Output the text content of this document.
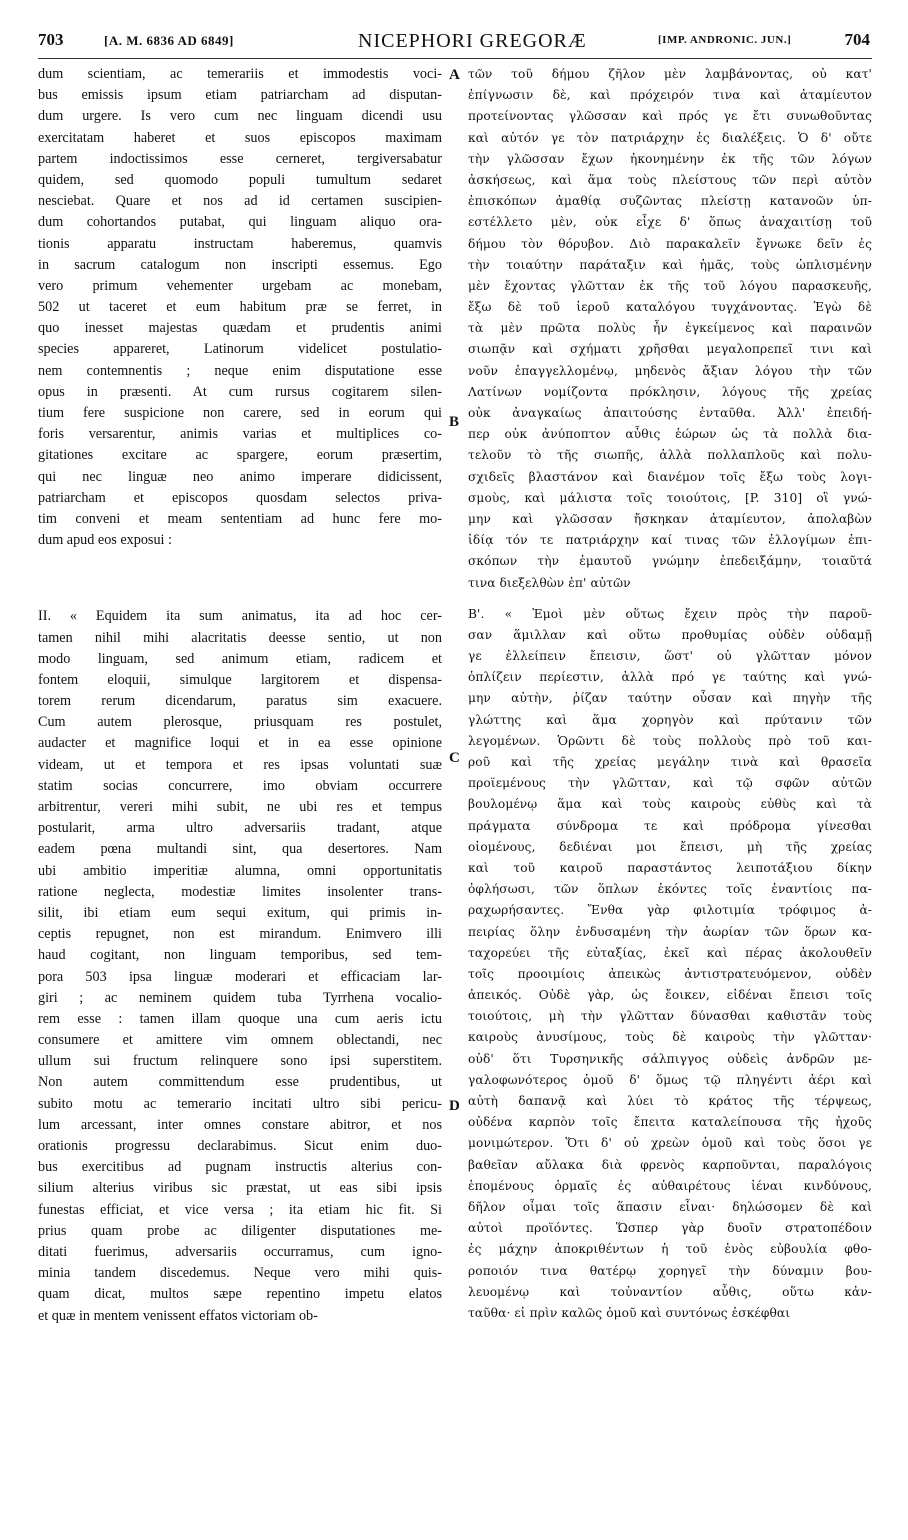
703	[A. M. 6836 AD 6849]	NICEPHORI GREGORÆ	[IMP. ANDRONIC. JUN.]	704
dum scientiam, ac temerariis et immodestis voci-
bus emissis ipsum etiam patriarcham ad disputan-
dum urgere. Is vero cum nec linguam dicendi usu
exercitatam haberet et suos episcopos maximam
partem indoctissimos esse cerneret, tergiversabatur
quidem, sed quomodo populi tumultum sedaret
nesciebat. Quare et nos ad id certamen suscipien-
dum cohortandos putabat, qui linguam aliquo ora-
tionis apparatu instructam haberemus, quamvis
in sacrum catalogum non inscripti essemus. Ego
vero primum vehementer urgebam ac monebam,
502 ut taceret et eum habitum præ se ferret, in
quo inesset majestas quædam et prudentis animi
species appareret, Latinorum videlicet postulatio-
nem contemnentis ; neque enim disputatione esse
opus in præsenti. At cum rursus cogitarem silen-
tium fere suspicione non carere, sed in eorum qui
foris versarentur, animis varias et multiplices co-
gitationes excitare ac spargere, eorum præsertim,
qui nec linguæ neo animo imperare didicissent,
patriarcham et episcopos quosdam selectos priva-
tim conveni et meam sententiam ad hunc fere mo-
dum apud eos exposui :
II. « Equidem ita sum animatus, ita ad hoc cer-
tamen nihil mihi alacritatis deesse sentio, ut non
modo linguam, sed animum etiam, radicem et
fontem eloquii, simulque largitorem et dispensa-
torem rerum dicendarum, paratus sim exacuere.
Cum autem plerosque, priusquam res postulet,
audacter et magnifice loqui et in ea esse opinione
videam, ut et tempora et res ipsas voluntati suæ
statim socias concurrere, imo obviam occurrere
arbitrentur, vereri mihi subit, ne ubi res et tempus
postularit, arma ultro adversariis tradant, atque
eadem pœna multandi sint, qua desertores. Nam
ubi ambitio imperitiæ alumna, omni opportunitatis
ratione neglecta, modestiæ limites insolenter trans-
silit, ibi etiam eum sequi exitum, qui primis in-
ceptis repugnet, non est mirandum. Enimvero illi
haud cogitant, non linguam temporibus, sed tem-
pora 503 ipsa linguæ moderari et efficaciam lar-
giri ; ac neminem quidem tuba Tyrrhena vocalio-
rem esse : tamen illam quoque una cum aeris ictu
consumere et amittere vim omnem oblectandi, nec
ullum sui fructum relinquere sono ipsi superstitem.
Non autem committendum esse prudentibus, ut
subito motu ac temerario incitati ultro sibi pericu-
lum arcessant, inter omnes constare abitror, et nos
orationis progressu declarabimus. Sicut enim duo-
bus exercitibus ad pugnam instructis alterius con-
silium alterius viribus sic præstat, ut eas sibi ipsis
funestas efficiat, et vice versa ; ita etiam hic fit. Si
prius quam probe ac diligenter disputationes me-
ditati fuerimus, adversariis occurramus, cum igno-
minia tandem discedemus. Neque vero mihi quis-
quam dicat, multos sæpe repentino impetu elatos
et quæ in mentem venissent effatos victoriam ob-
τῶν τοῦ δήμου ζῆλον μὲν λαμβάνοντας, οὐ κατ'
ἐπίγνωσιν δὲ, καὶ πρόχειρόν τινα καὶ ἀταμίευτον
προτείνοντας γλῶσσαν καὶ πρός γε ἔτι συνωθοῦντας
καὶ αὐτόν γε τὸν πατριάρχην ἐς διαλέξεις. Ὁ δ' οὔτε
τὴν γλῶσσαν ἔχων ἠκονημένην ἐκ τῆς τῶν λόγων
ἀσκήσεως, καὶ ἅμα τοὺς πλείστους τῶν περὶ αὐτὸν
ἐπισκόπων ἀμαθίᾳ συζῶντας πλείστῃ κατανοῶν ὑπ-
εστέλλετο μὲν, οὐκ εἶχε δ' ὅπως ἀναχαιτίσῃ τοῦ
δήμου τὸν θόρυβον. Διὸ παρακαλεῖν ἔγνωκε δεῖν ἐς
τὴν τοιαύτην παράταξιν καὶ ἡμᾶς, τοὺς ὡπλισμένην
μὲν ἔχοντας γλῶτταν ἐκ τῆς τοῦ λόγου παρασκευῆς,
ἔξω δὲ τοῦ ἱεροῦ καταλόγου τυγχάνοντας. Ἐγὼ δὲ
τὰ μὲν πρῶτα πολὺς ἦν ἐγκείμενος καὶ παραινῶν
σιωπᾷν καὶ σχήματι χρῆσθαι μεγαλοπρεπεῖ τινι καὶ
νοῦν ἐπαγγελλομένῳ, μηδενὸς ἄξιαν λόγου τὴν τῶν
Λατίνων νομίζοντα πρόκλησιν, λόγους τῆς χρείας
οὐκ ἀναγκαίως ἀπαιτούσης ἐνταῦθα. Ἀλλ' ἐπειδή-
περ οὐκ ἀνύποπτον αὖθις ἑώρων ὡς τὰ πολλὰ δια-
τελοῦν τὸ τῆς σιωπῆς, ἀλλὰ πολλαπλοῦς καὶ πολυ-
σχιδεῖς βλαστάνον καὶ διανέμον τοῖς ἔξω τοὺς λογι-
σμοὺς, καὶ μάλιστα τοῖς τοιούτοις, [P. 310] οἳ γνώ-
μην καὶ γλῶσσαν ἤσκηκαν ἀταμίευτον, ἀπολαβὼν
ἰδίᾳ τόν τε πατριάρχην καί τινας τῶν ἐλλογίμων ἐπι-
σκόπων τὴν ἐμαυτοῦ γνώμην ἐπεδειξάμην, τοιαῦτά
τινα διεξελθὼν ἐπ' αὐτῶν
Β'. « Ἐμοὶ μὲν οὕτως ἔχειν πρὸς τὴν παροῦ-
σαν ἅμιλλαν καὶ οὕτω προθυμίας οὐδὲν οὐδαμῇ
γε ἐλλείπειν ἔπεισιν, ὥστ' οὐ γλῶτταν μόνον
ὁπλίζειν περίεστιν, ἀλλὰ πρό γε ταύτης καὶ γνώ-
μην αὐτὴν, ῥίζαν ταύτην οὖσαν καὶ πηγὴν τῆς
γλώττης καὶ ἅμα χορηγὸν καὶ πρύτανιν τῶν
λεγομένων. Ὁρῶντι δὲ τοὺς πολλοὺς πρὸ τοῦ και-
ροῦ καὶ τῆς χρείας μεγάλην τινὰ καὶ θρασεῖα
προϊεμένους τὴν γλῶτταν, καὶ τῷ σφῶν αὐτῶν
βουλομένῳ ἅμα καὶ τοὺς καιροὺς εὐθὺς καὶ τὰ
πράγματα σύνδρομα τε καὶ πρόδρομα γίνεσθαι
οἰομένους, δεδιέναι μοι ἔπεισι, μὴ τῆς χρείας
καὶ τοῦ καιροῦ παραστάντος λειποτάξιου δίκην
ὀφλήσωσι, τῶν ὅπλων ἑκόντες τοῖς ἐναντίοις πα-
ραχωρήσαντες. Ἔνθα γὰρ φιλοτιμία τρόφιμος ἀ-
πειρίας ὅλην ἐνδυσαμένη τὴν ἀωρίαν τῶν ὅρων κα-
ταχορεύει τῆς εὐταξίας, ἐκεῖ καὶ πέρας ἀκολουθεῖν
τοῖς προοιμίοις ἀπεικὼς ἀντιστρατευόμενον, οὐδὲν
ἀπεικός. Οὐδὲ γὰρ, ὡς ἔοικεν, εἰδέναι ἔπεισι τοῖς
τοιούτοις, μὴ τὴν γλῶτταν δύνασθαι καθιστᾶν τοὺς
καιροὺς ἀνυσίμους, τοὺς δὲ καιροὺς τὴν γλῶτταν·
οὐδ' ὅτι Τυρσηνικῆς σάλπιγγος οὐδεὶς ἀνδρῶν με-
γαλοφωνότερος ὁμοῦ δ' ὅμως τῷ πληγέντι ἀέρι καὶ
αὐτὴ δαπανᾷ καὶ λύει τὸ κράτος τῆς τέρψεως,
οὐδένα καρπὸν τοῖς ἔπειτα καταλείπουσα τῆς ἠχοῦς
μονιμώτερον. Ὅτι δ' οὐ χρεὼν ὁμοῦ καὶ τοὺς ὅσοι γε
βαθεῖαν αὔλακα διὰ φρενὸς καρποῦνται, παραλόγοις
ἑπομένους ὁρμαῖς ἐς αὐθαιρέτους ἰέναι κινδύνους,
δῆλον οἶμαι τοῖς ἅπασιν εἶναι· δηλώσομεν δὲ καὶ
αὐτοὶ προϊόντες. Ὥσπερ γὰρ δυοῖν στρατοπέδοιν
ἐς μάχην ἀποκριθέντων ἡ τοῦ ἑνὸς εὐβουλία φθο-
ροποιόν τινα θατέρῳ χορηγεῖ τὴν δύναμιν βου-
λευομένῳ καὶ τοὐναντίον αὖθις, οὕτω κἀν-
ταῦθα· εἰ πρὶν καλῶς ὁμοῦ καὶ συντόνως ἐσκέφθαι
A
B
C
D
